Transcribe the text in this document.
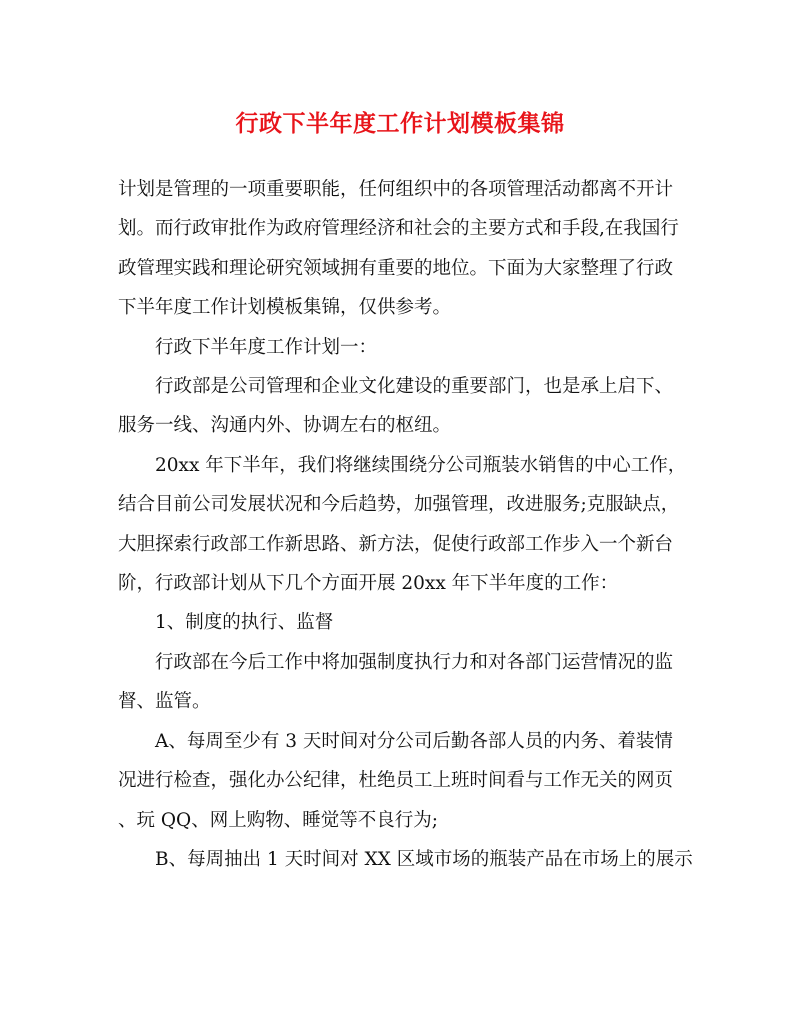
行政下半年度工作计划模板集锦

计划是管理的一项重要职能，任何组织中的各项管理活动都离不开计
划。而行政审批作为政府管理经济和社会的主要方式和手段,在我国行
政管理实践和理论研究领域拥有重要的地位。下面为大家整理了行政
下半年度工作计划模板集锦，仅供参考。

行政下半年度工作计划一：

行政部是公司管理和企业文化建设的重要部门，也是承上启下、
服务一线、沟通内外、协调左右的枢纽。

20xx 年下半年，我们将继续围绕分公司瓶装水销售的中心工作，
结合目前公司发展状况和今后趋势，加强管理，改进服务;克服缺点，
大胆探索行政部工作新思路、新方法，促使行政部工作步入一个新台
阶，行政部计划从下几个方面开展 20xx 年下半年度的工作：

1、制度的执行、监督

行政部在今后工作中将加强制度执行力和对各部门运营情况的监
督、监管。

A、每周至少有 3 天时间对分公司后勤各部人员的内务、着装情
况进行检查，强化办公纪律，杜绝员工上班时间看与工作无关的网页
、玩 QQ、网上购物、睡觉等不良行为;

B、每周抽出 1 天时间对 XX 区域市场的瓶装产品在市场上的展示
